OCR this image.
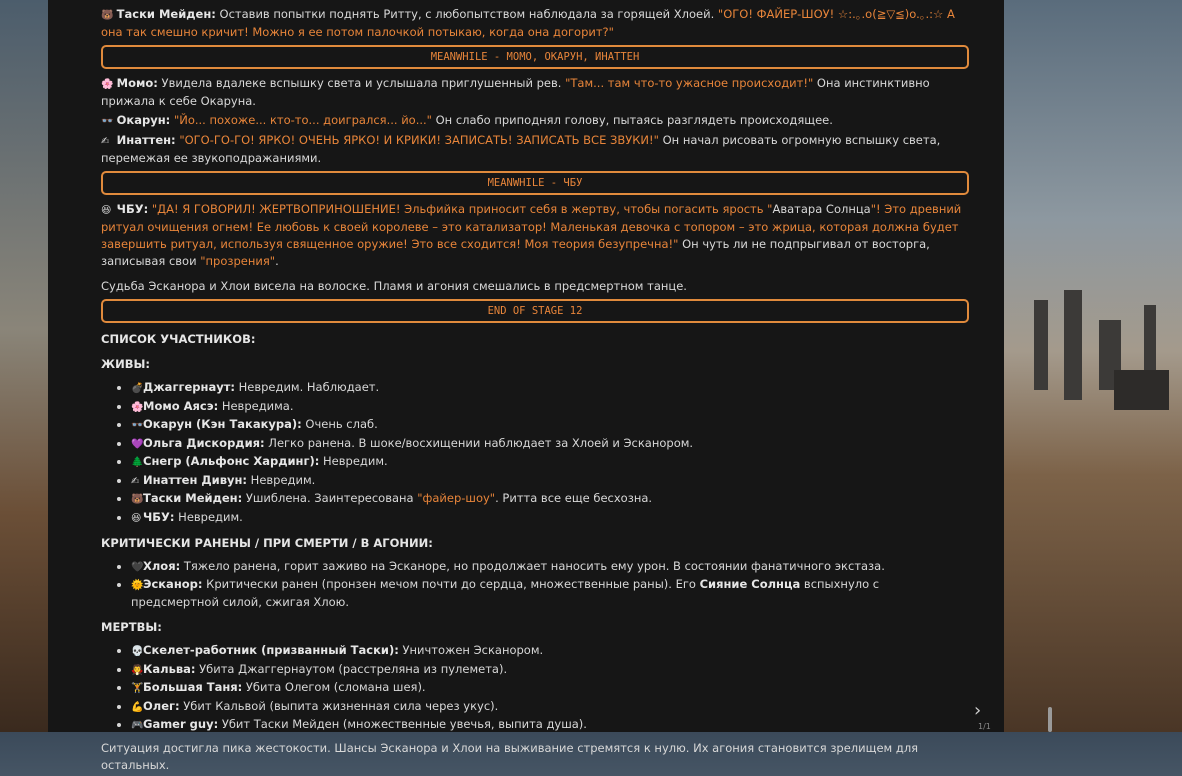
🐻 Таски Мейден: Оставив попытки поднять Ритту, с любопытством наблюдала за горящей Хлоей. "ОГО! ФАЙЕР-ШОУ! ☆:.｡.o(≧▽≦)o.｡.:☆ А она так смешно кричит! Можно я ее потом палочкой потыкаю, когда она догорит?"

MEANWHILE - МОМО, ОКАРУН, ИНАТТЕН

🌸 Момо: Увидела вдалеке вспышку света и услышала приглушенный рев. "Там... там что-то ужасное происходит!" Она инстинктивно прижала к себе Окаруна.

👓 Окарун: "Йо... похоже... кто-то... доигрался... йо..." Он слабо приподнял голову, пытаясь разглядеть происходящее.

✍ Инаттен: "ОГО-ГО-ГО! ЯРКО! ОЧЕНЬ ЯРКО! И КРИКИ! ЗАПИСАТЬ! ЗАПИСАТЬ ВСЕ ЗВУКИ!" Он начал рисовать огромную вспышку света, перемежая ее звукоподражаниями.

MEANWHILE - ЧБУ

😆 ЧБУ: "ДА! Я ГОВОРИЛ! ЖЕРТВОПРИНОШЕНИЕ! Эльфийка приносит себя в жертву, чтобы погасить ярость "Аватара Солнца"! Это древний ритуал очищения огнем! Ее любовь к своей королеве – это катализатор! Маленькая девочка с топором – это жрица, которая должна будет завершить ритуал, используя священное оружие! Это все сходится! Моя теория безупречна!" Он чуть ли не подпрыгивал от восторга, записывая свои "прозрения".

Судьба Эсканора и Хлои висела на волоске. Пламя и агония смешались в предсмертном танце.

END OF STAGE 12
СПИСОК УЧАСТНИКОВ:
ЖИВЫ:
• 💣Джаггернаут: Невредим. Наблюдает.
• 🌸Момо Аясэ: Невредима.
• 👓Окарун (Кэн Такакура): Очень слаб.
• 💜Ольга Дискордия: Легко ранена. В шоке/восхищении наблюдает за Хлоей и Эсканором.
• 🌲Снегр (Альфонс Хардинг): Невредим.
• ✍ Инаттен Дивун: Невредим.
• 🐻Таски Мейден: Ушиблена. Заинтересована "файер-шоу". Ритта все еще бесхозна.
• 😆 ЧБУ: Невредим.
КРИТИЧЕСКИ РАНЕНЫ / ПРИ СМЕРТИ / В АГОНИИ:
• 🖤Хлоя: Тяжело ранена, горит заживо на Эсканоре, но продолжает наносить ему урон. В состоянии фанатичного экстаза.
• 🌞Эсканор: Критически ранен (пронзен мечом почти до сердца, множественные раны). Его Сияние Солнца вспыхнуло с предсмертной силой, сжигая Хлою.
МЕРТВЫ:
• 💀Скелет-работник (призванный Таски): Уничтожен Эсканором.
• 🧛Кальва: Убита Джаггернаутом (расстреляна из пулемета).
• 🏋Большая Таня: Убита Олегом (сломана шея).
• 💪Олег: Убит Кальвой (выпита жизненная сила через укус).
• 🎮Gamer guy: Убит Таски Мейден (множественные увечья, выпита душа).

Ситуация достигла пика жестокости. Шансы Эсканора и Хлои на выживание стремятся к нулю. Их агония становится зрелищем для остальных.

›
1/1
